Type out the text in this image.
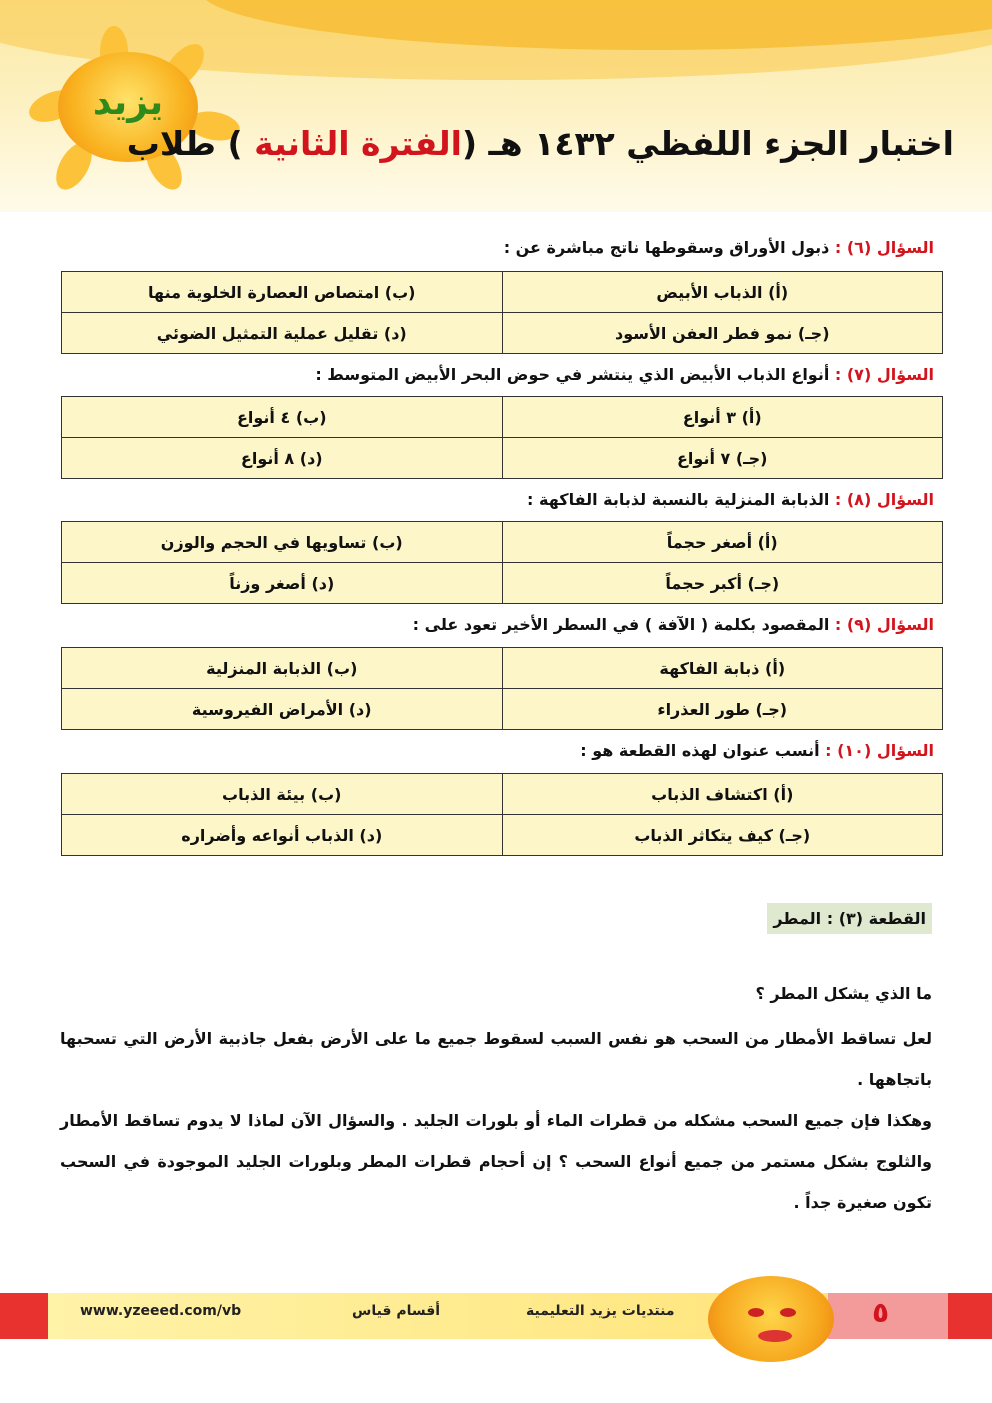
يزيد
اختبار الجزء اللفظي ١٤٣٢ هـ (الفترة الثانية ) طلاب
السؤال (٦) : ذبول الأوراق وسقوطها ناتج مباشرة عن :
(أ) الذباب الأبيض	(ب) امتصاص العصارة الخلوية منها
(جـ) نمو فطر العفن الأسود	(د) تقليل عملية التمثيل الضوئي
السؤال (٧) : أنواع الذباب الأبيض الذي ينتشر في حوض البحر الأبيض المتوسط :
(أ) ٣ أنواع	(ب) ٤ أنواع
(جـ) ٧ أنواع	(د) ٨ أنواع
السؤال (٨) : الذبابة المنزلية بالنسبة لذبابة الفاكهة :
(أ) أصغر حجماً	(ب) تساويها في الحجم والوزن
(جـ) أكبر حجماً	(د) أصغر وزناً
السؤال (٩) : المقصود بكلمة ( الآفة ) في السطر الأخير تعود على :
(أ) ذبابة الفاكهة	(ب) الذبابة المنزلية
(جـ) طور العذراء	(د) الأمراض الفيروسية
السؤال (١٠) : أنسب عنوان لهذه القطعة هو :
(أ) اكتشاف الذباب	(ب) بيئة الذباب
(جـ) كيف يتكاثر الذباب	(د) الذباب أنواعه وأضراره
القطعة (٣) : المطر
ما الذي يشكل المطر ؟
لعل تساقط الأمطار من السحب هو نفس السبب لسقوط جميع ما على الأرض بفعل جاذبية الأرض التي تسحبها باتجاهها .
وهكذا فإن جميع السحب مشكله من قطرات الماء أو بلورات الجليد . والسؤال الآن لماذا لا يدوم تساقط الأمطار والثلوج بشكل مستمر من جميع أنواع السحب ؟ إن أحجام قطرات المطر وبلورات الجليد الموجودة في السحب تكون صغيرة جداً .
www.yzeeed.com/vb	أقسام قياس	منتديات يزيد التعليمية	٥
